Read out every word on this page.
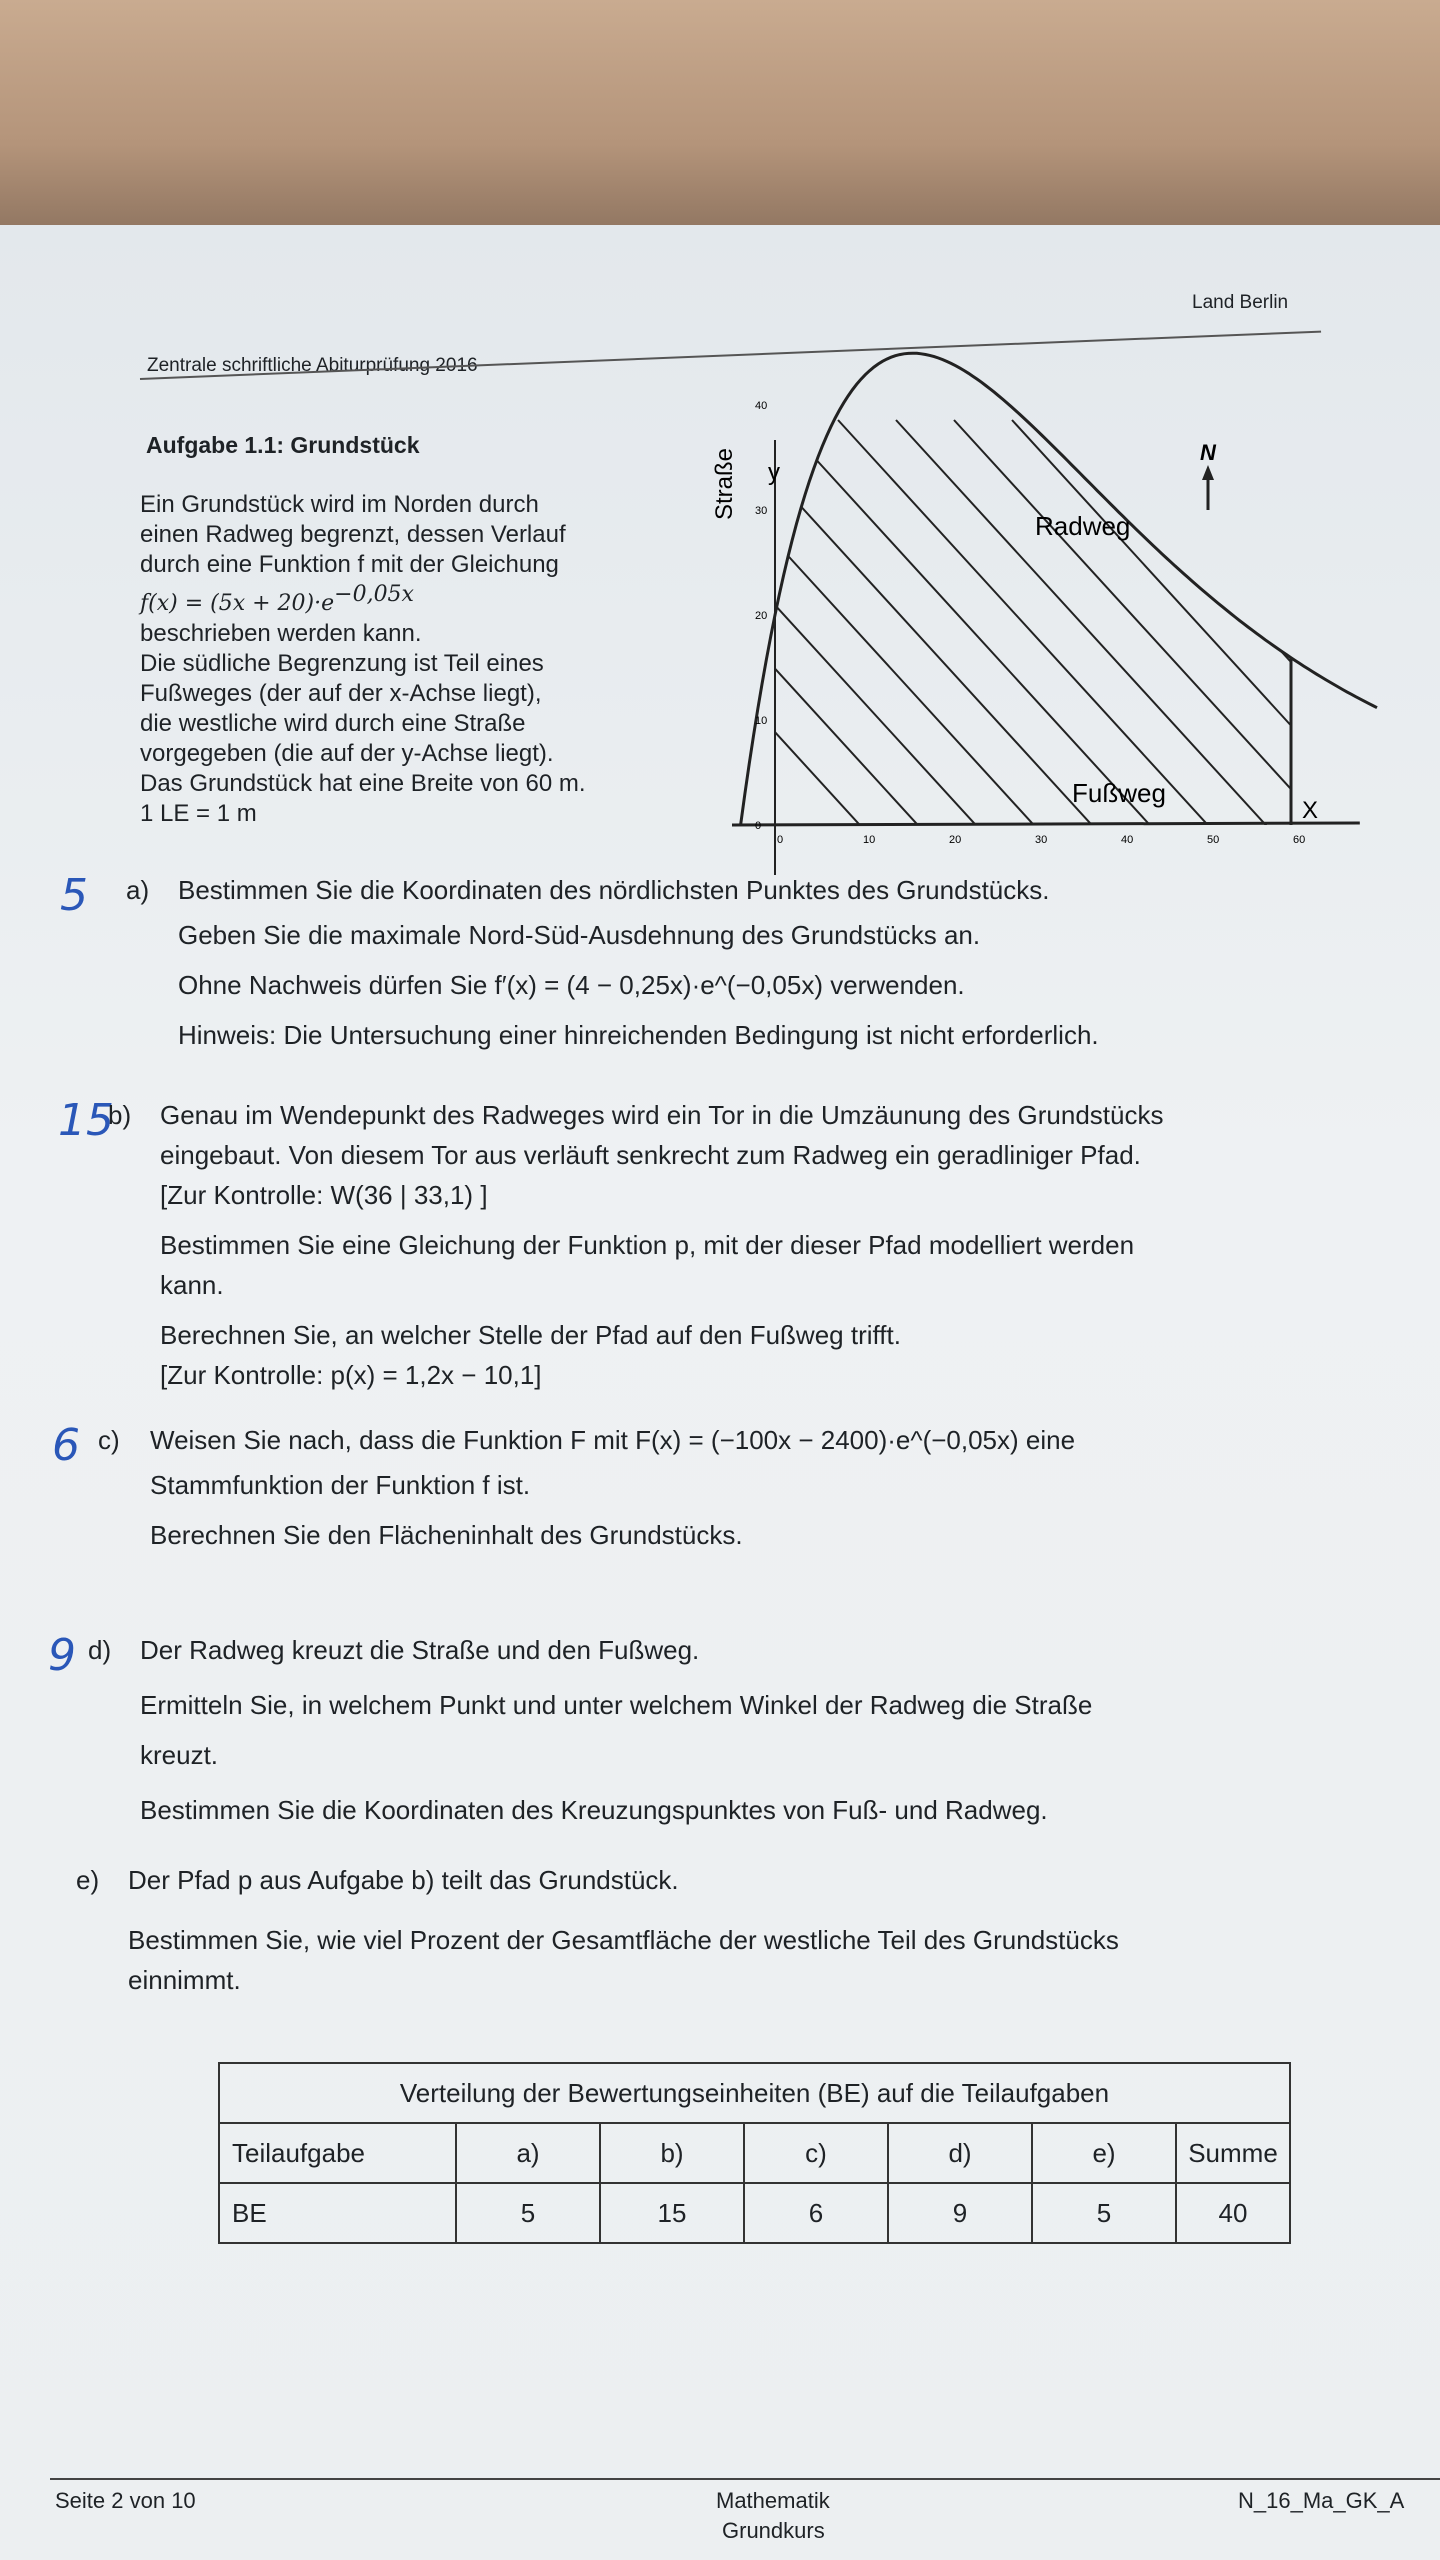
Land Berlin
Zentrale schriftliche Abiturprüfung 2016
Aufgabe 1.1: Grundstück
Ein Grundstück wird im Norden durch
einen Radweg begrenzt, dessen Verlauf
durch eine Funktion f mit der Gleichung
$f(x) = (5x + 20)\cdot e^{-0,05x}$
beschrieben werden kann.
Die südliche Begrenzung ist Teil eines
Fußweges (der auf der x-Achse liegt),
die westliche wird durch eine Straße
vorgegeben (die auf der y-Achse liegt).
Das Grundstück hat eine Breite von 60 m.
1 LE = 1 m
N
Straße y
X
Radweg
Fußweg
0	10	20	30	40	50	60
0
10
20
30
40
5 a) Bestimmen Sie die Koordinaten des nördlichsten Punktes des Grundstücks.
Geben Sie die maximale Nord-Süd-Ausdehnung des Grundstücks an.
Ohne Nachweis dürfen Sie f′(x) = (4 − 0,25x)·e^(−0,05x) verwenden.
Hinweis: Die Untersuchung einer hinreichenden Bedingung ist nicht erforderlich.
15
b) Genau im Wendepunkt des Radweges wird ein Tor in die Umzäunung des Grundstücks
eingebaut. Von diesem Tor aus verläuft senkrecht zum Radweg ein geradliniger Pfad.
[Zur Kontrolle: W(36 | 33,1) ]
Bestimmen Sie eine Gleichung der Funktion p, mit der dieser Pfad modelliert werden
kann.
Berechnen Sie, an welcher Stelle der Pfad auf den Fußweg trifft.
[Zur Kontrolle: p(x) = 1,2x − 10,1]
6 c) Weisen Sie nach, dass die Funktion F mit F(x) = (−100x − 2400)·e^(−0,05x) eine
Stammfunktion der Funktion f ist.
Berechnen Sie den Flächeninhalt des Grundstücks.
9 d) Der Radweg kreuzt die Straße und den Fußweg.
Ermitteln Sie, in welchem Punkt und unter welchem Winkel der Radweg die Straße
kreuzt.
Bestimmen Sie die Koordinaten des Kreuzungspunktes von Fuß- und Radweg.
e) Der Pfad p aus Aufgabe b) teilt das Grundstück.
Bestimmen Sie, wie viel Prozent der Gesamtfläche der westliche Teil des Grundstücks
einnimmt.
Verteilung der Bewertungseinheiten (BE) auf die Teilaufgaben						
Teilaufgabe	a)	b)	c)	d)	e)	Summe
BE	5	15	6	9	5	40
Seite 2 von 10	Mathematik
Grundkurs
N_16_Ma_GK_A
